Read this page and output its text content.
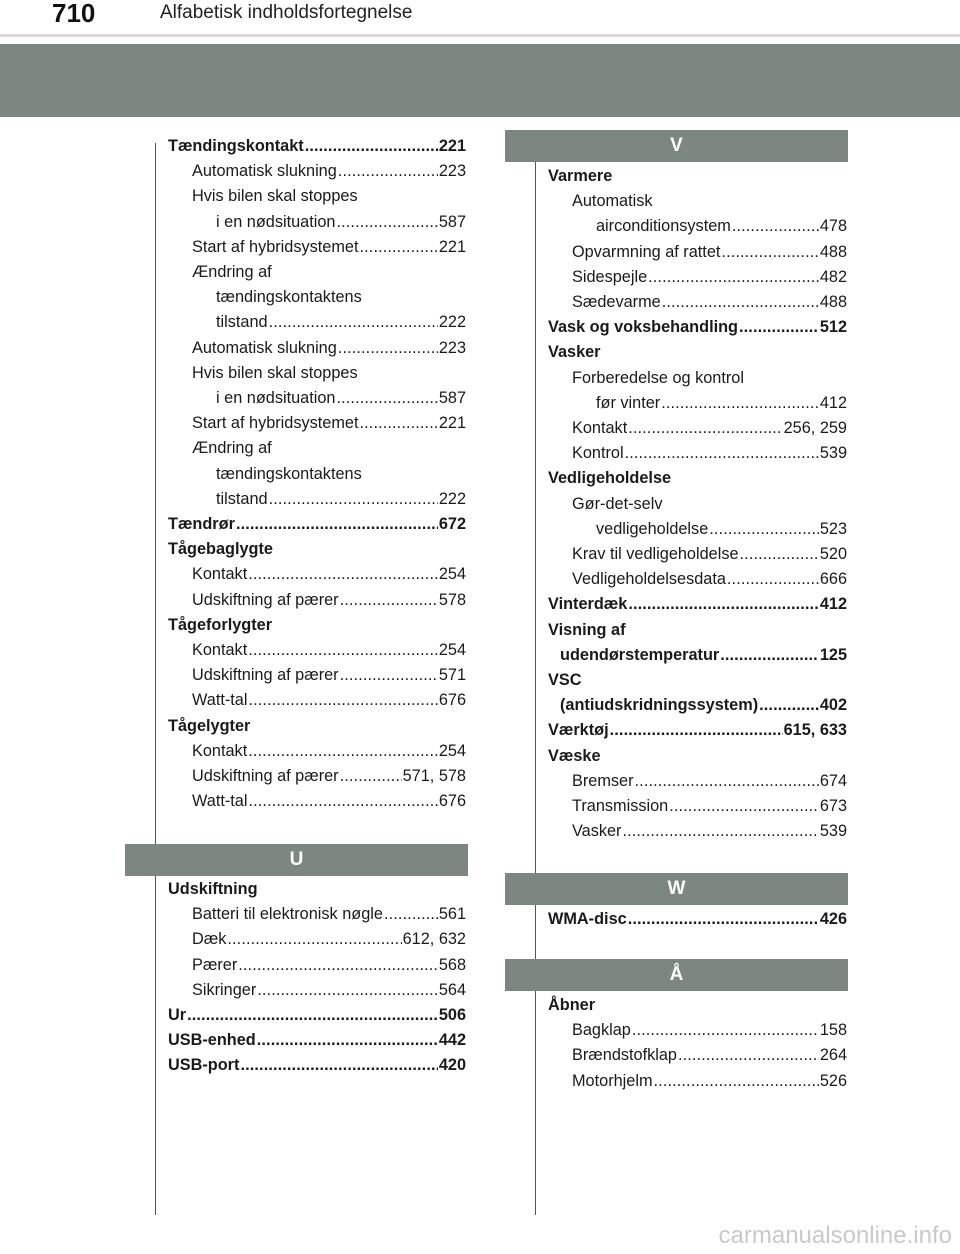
710	Alfabetisk indholdsfortegnelse
U
V
W
Å
Tændingskontakt . . .	221
Automatisk slukning . . .	223
Hvis bilen skal stoppes
i en nødsituation . . .	587
Start af hybridsystemet . . .	221
Ændring af
tændingskontaktens
tilstand . . .	222
Automatisk slukning . . .	223
Hvis bilen skal stoppes
i en nødsituation . . .	587
Start af hybridsystemet . . .	221
Ændring af
tændingskontaktens
tilstand . . .	222
Tændrør . . .	672
Tågebaglygte
Kontakt . . .	254
Udskiftning af pærer . . .	578
Tågeforlygter
Kontakt . . .	254
Udskiftning af pærer . . .	571
Watt-tal . . .	676
Tågelygter
Kontakt . . .	254
Udskiftning af pærer . . .	571, 578
Watt-tal . . .	676
Udskiftning
Batteri til elektronisk nøgle . . .	561
Dæk . . .	612, 632
Pærer . . .	568
Sikringer . . .	564
Ur . . .	506
USB-enhed . . .	442
USB-port . . .	420
Varmere
Automatisk
airconditionsystem . . .	478
Opvarmning af rattet . . .	488
Sidespejle . . .	482
Sædevarme . . .	488
Vask og voksbehandling . . .	512
Vasker
Forberedelse og kontrol
før vinter . . .	412
Kontakt . . .	256, 259
Kontrol . . .	539
Vedligeholdelse
Gør-det-selv
vedligeholdelse . . .	523
Krav til vedligeholdelse . . .	520
Vedligeholdelsesdata . . .	666
Vinterdæk . . .	412
Visning af
udendørstemperatur . . .	125
VSC
(antiudskridningssystem) . . .	402
Værktøj . . .	615, 633
Væske
Bremser . . .	674
Transmission . . .	673
Vasker . . .	539
WMA-disc . . .	426
Åbner
Bagklap . . .	158
Brændstofklap . . .	264
Motorhjelm . . .	526
carmanualsonline.info
